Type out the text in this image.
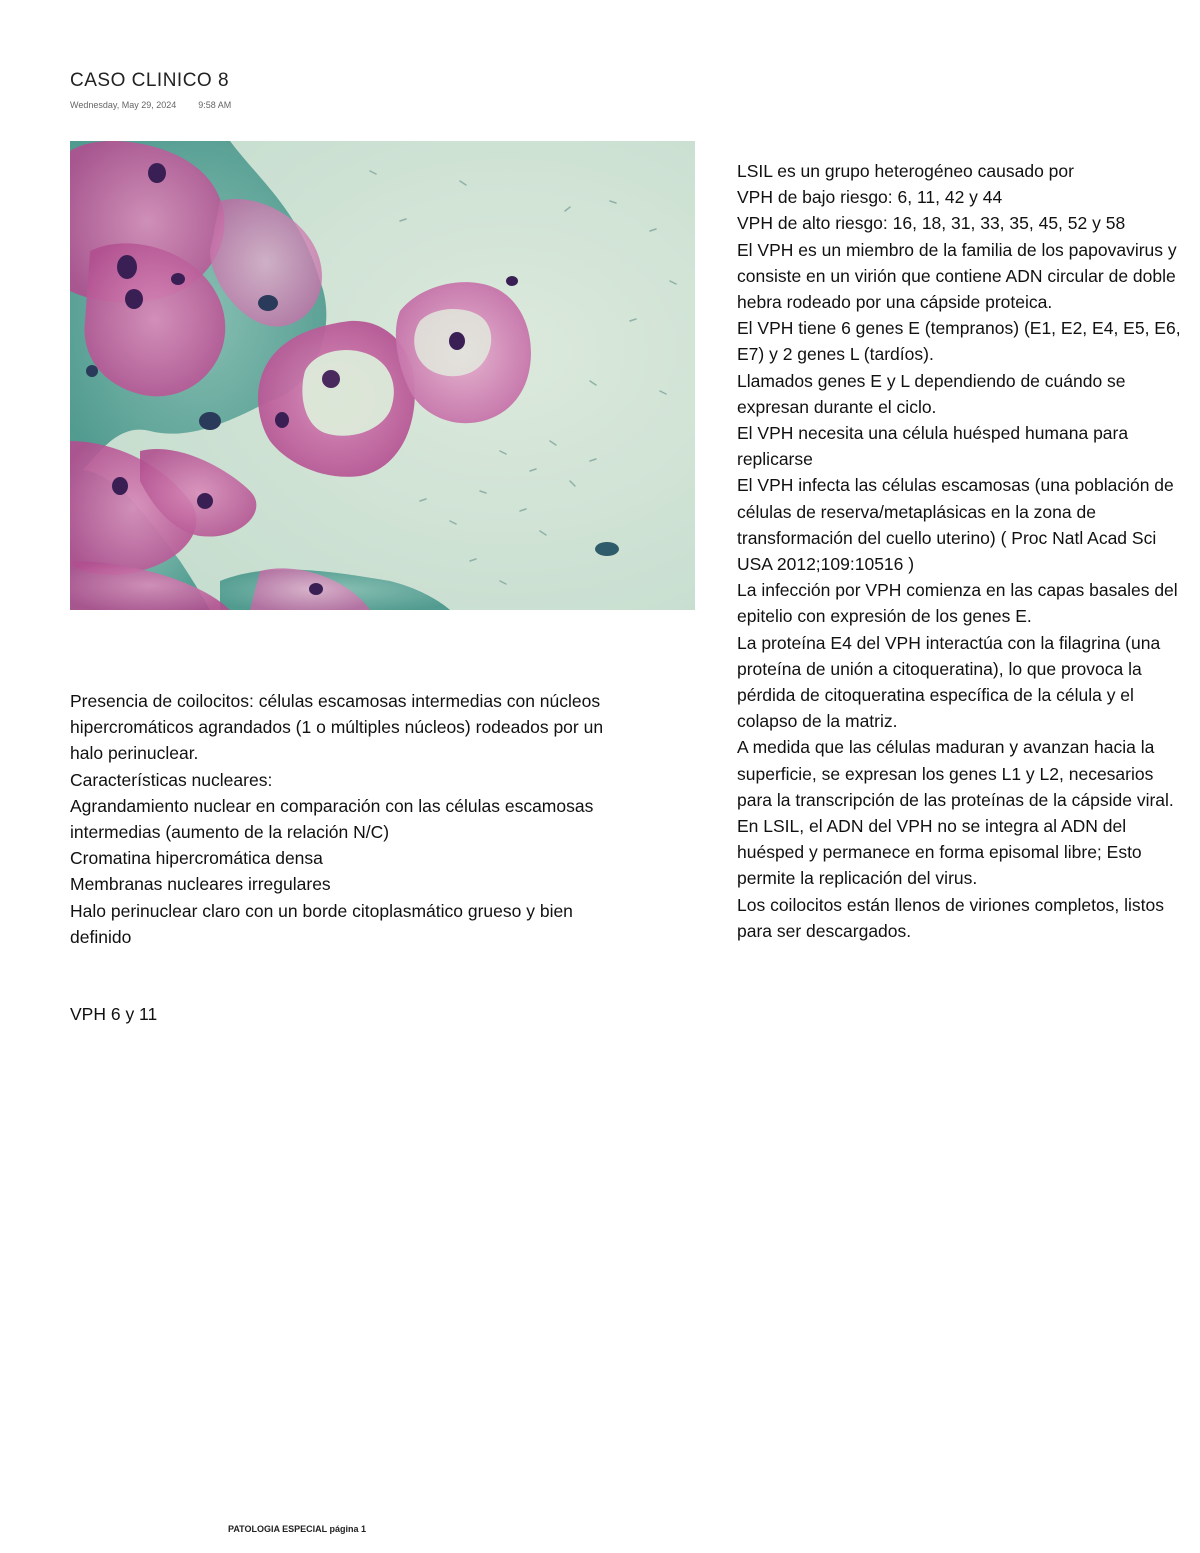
CASO CLINICO 8
Wednesday, May 29, 2024 9:58 AM

Presencia de coilocitos: células escamosas intermedias con núcleos hipercromáticos agrandados (1 o múltiples núcleos) rodeados por un halo perinuclear.

Características nucleares:

Agrandamiento nuclear en comparación con las células escamosas intermedias (aumento de la relación N/C)

Cromatina hipercromática densa

Membranas nucleares irregulares

Halo perinuclear claro con un borde citoplasmático grueso y bien definido

VPH 6 y 11

LSIL es un grupo heterogéneo causado por

VPH de bajo riesgo: 6, 11, 42 y 44

VPH de alto riesgo: 16, 18, 31, 33, 35, 45, 52 y 58

El VPH es un miembro de la familia de los papovavirus y consiste en un virión que contiene ADN circular de doble hebra rodeado por una cápside proteica.

El VPH tiene 6 genes E (tempranos) (E1, E2, E4, E5, E6, E7) y 2 genes L (tardíos).

Llamados genes E y L dependiendo de cuándo se expresan durante el ciclo.

El VPH necesita una célula huésped humana para replicarse

El VPH infecta las células escamosas (una población de células de reserva/metaplásicas en la zona de transformación del cuello uterino) ( Proc Natl Acad Sci USA 2012;109:10516 )

La infección por VPH comienza en las capas basales del epitelio con expresión de los genes E.

La proteína E4 del VPH interactúa con la filagrina (una proteína de unión a citoqueratina), lo que provoca la pérdida de citoqueratina específica de la célula y el colapso de la matriz.

A medida que las células maduran y avanzan hacia la superficie, se expresan los genes L1 y L2, necesarios para la transcripción de las proteínas de la cápside viral.

En LSIL, el ADN del VPH no se integra al ADN del huésped y permanece en forma episomal libre; Esto permite la replicación del virus.

Los coilocitos están llenos de viriones completos, listos para ser descargados.

PATOLOGIA ESPECIAL página 1
